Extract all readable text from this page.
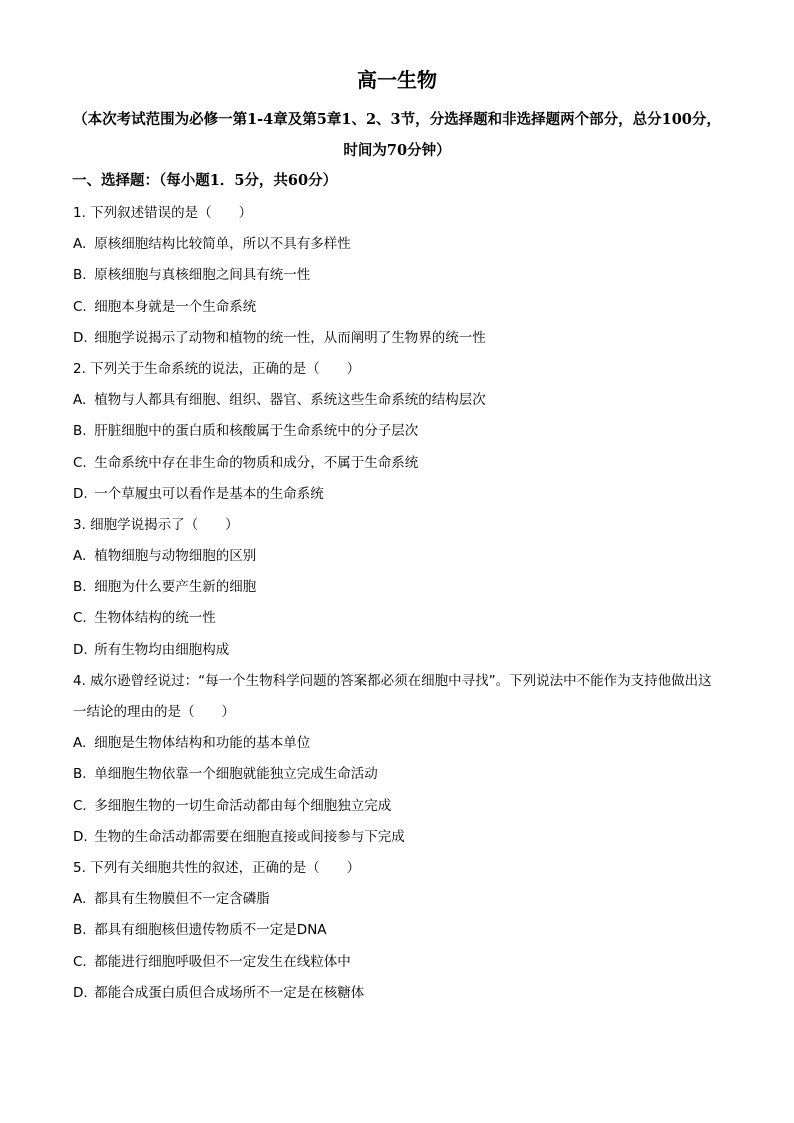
高一生物
（本次考试范围为必修一第1-4章及第5章1、2、3节，分选择题和非选择题两个部分，总分100分，时间为70分钟）
一、选择题：（每小题1．5分，共60分）
1. 下列叙述错误的是（　　）
A. 原核细胞结构比较简单，所以不具有多样性
B. 原核细胞与真核细胞之间具有统一性
C. 细胞本身就是一个生命系统
D. 细胞学说揭示了动物和植物的统一性，从而阐明了生物界的统一性
2. 下列关于生命系统的说法，正确的是（　　）
A. 植物与人都具有细胞、组织、器官、系统这些生命系统的结构层次
B. 肝脏细胞中的蛋白质和核酸属于生命系统中的分子层次
C. 生命系统中存在非生命的物质和成分，不属于生命系统
D. 一个草履虫可以看作是基本的生命系统
3. 细胞学说揭示了（　　）
A. 植物细胞与动物细胞的区别
B. 细胞为什么要产生新的细胞
C. 生物体结构的统一性
D. 所有生物均由细胞构成
4. 威尔逊曾经说过：“每一个生物科学问题的答案都必须在细胞中寻找”。下列说法中不能作为支持他做出这一结论的理由的是（　　）
A. 细胞是生物体结构和功能的基本单位
B. 单细胞生物依靠一个细胞就能独立完成生命活动
C. 多细胞生物的一切生命活动都由每个细胞独立完成
D. 生物的生命活动都需要在细胞直接或间接参与下完成
5. 下列有关细胞共性的叙述，正确的是（　　）
A. 都具有生物膜但不一定含磷脂
B. 都具有细胞核但遗传物质不一定是DNA
C. 都能进行细胞呼吸但不一定发生在线粒体中
D. 都能合成蛋白质但合成场所不一定是在核糖体
